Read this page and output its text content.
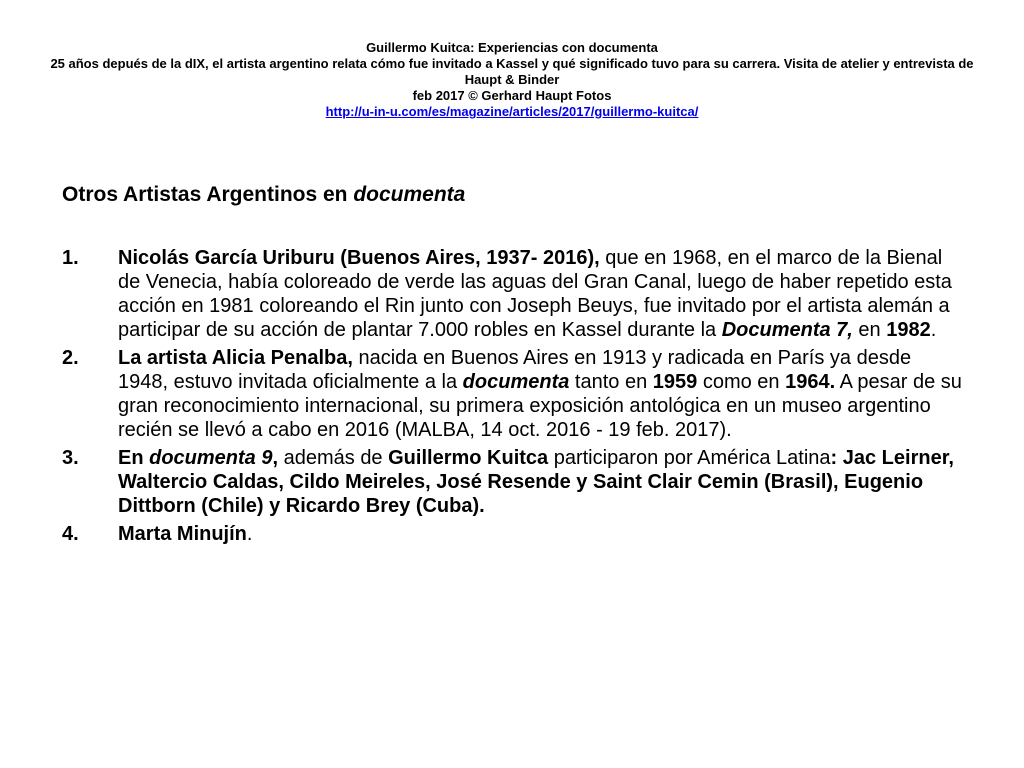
Guillermo Kuitca: Experiencias con documenta
25 años depués de la dIX, el artista argentino relata cómo fue invitado a Kassel y qué significado tuvo para su carrera. Visita de atelier y entrevista de Haupt & Binder
feb 2017 © Gerhard Haupt Fotos
http://u-in-u.com/es/magazine/articles/2017/guillermo-kuitca/
Otros Artistas Argentinos en documenta
1. Nicolás García Uriburu (Buenos Aires, 1937- 2016), que en 1968, en el marco de la Bienal de Venecia, había coloreado de verde las aguas del Gran Canal, luego de haber repetido esta acción en 1981 coloreando el Rin junto con Joseph Beuys, fue invitado por el artista alemán a participar de su acción de plantar 7.000 robles en Kassel durante la Documenta 7, en 1982.
2. La artista Alicia Penalba, nacida en Buenos Aires en 1913 y radicada en París ya desde 1948, estuvo invitada oficialmente a la documenta tanto en 1959 como en 1964. A pesar de su gran reconocimiento internacional, su primera exposición antológica en un museo argentino recién se llevó a cabo en 2016 (MALBA, 14 oct. 2016 - 19 feb. 2017).
3. En documenta 9, además de Guillermo Kuitca participaron por América Latina: Jac Leirner, Waltercio Caldas, Cildo Meireles, José Resende y Saint Clair Cemin (Brasil), Eugenio Dittborn (Chile) y Ricardo Brey (Cuba).
4. Marta Minujín.
